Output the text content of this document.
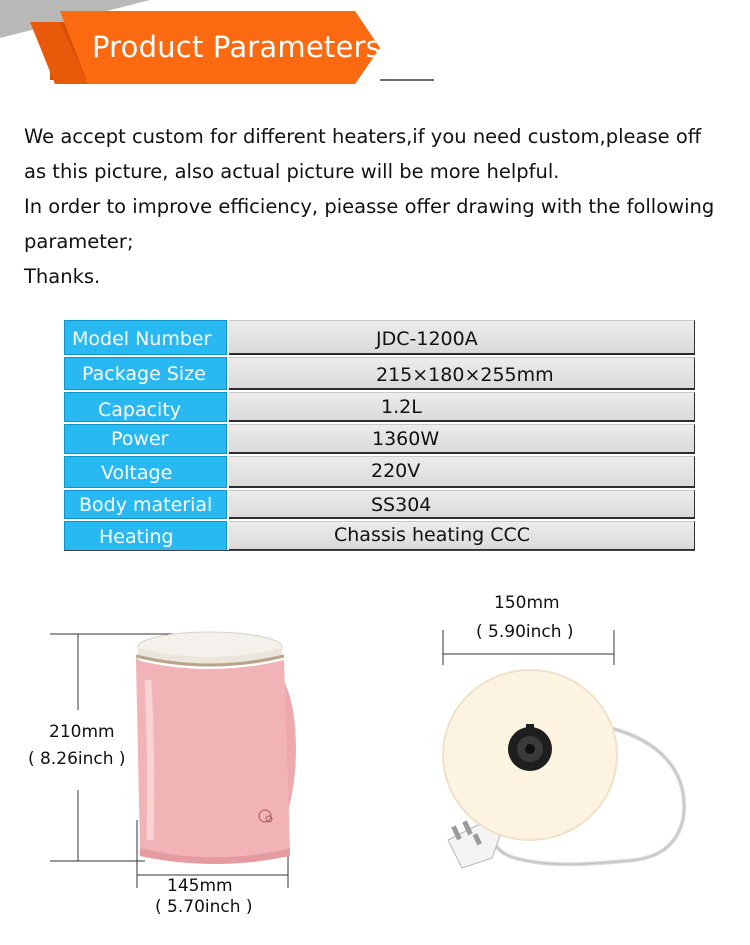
Product Parameters

We accept custom for different heaters,if you need custom,please off

as this picture, also actual picture will be more helpful.

In order to improve efficiency, pieasse offer drawing with the following

parameter;

Thanks.

Model Number	JDC-1200A
Package Size	215×180×255mm
Capacity	1.2L
Power	1360W
Voltage	220V
Body material	SS304
Heating	Chassis heating CCC
210mm
( 8.26inch )
145mm
( 5.70inch )
150mm
( 5.90inch )
